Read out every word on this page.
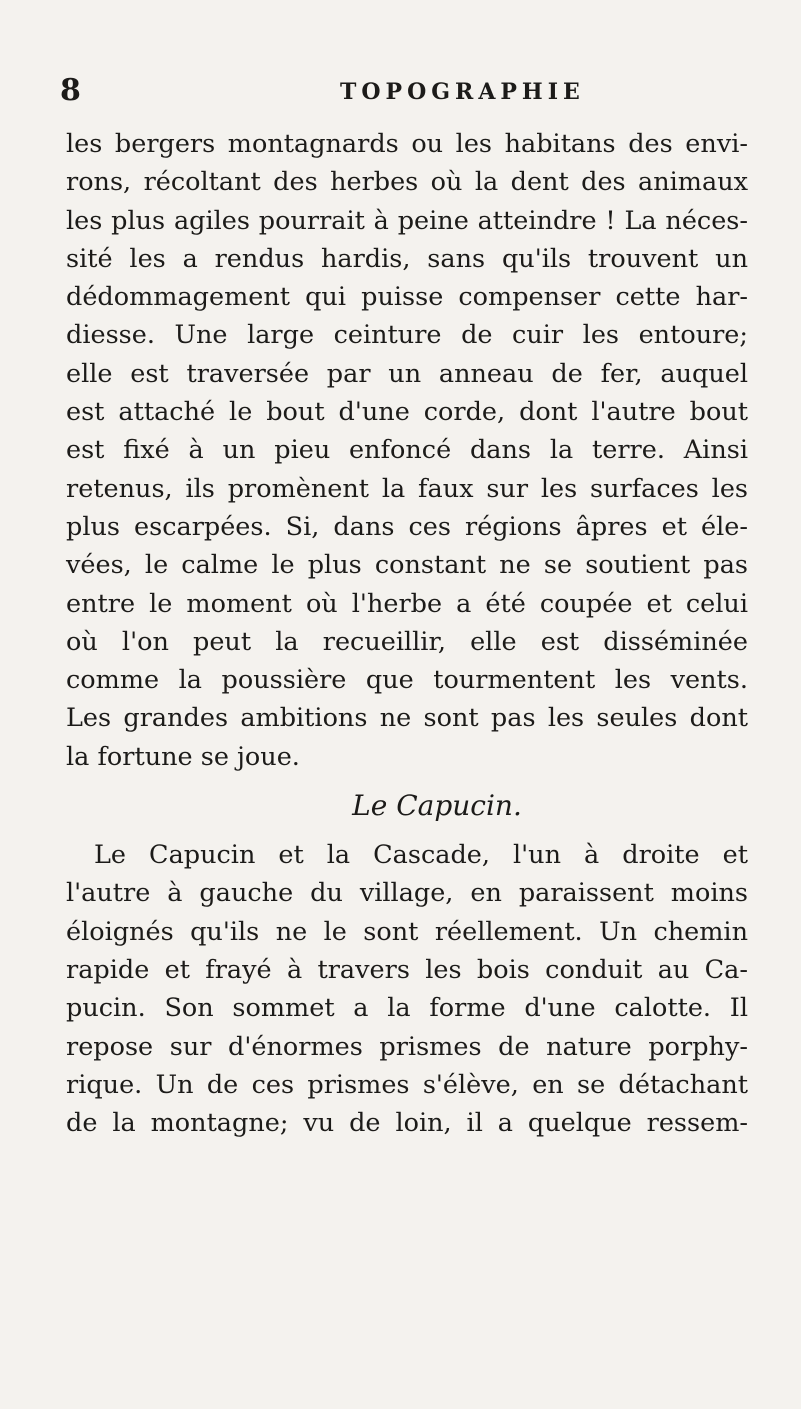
8	TOPOGRAPHIE
les bergers montagnards ou les habitans des envi-
rons, récoltant des herbes où la dent des animaux
les plus agiles pourrait à peine atteindre ! La néces-
sité les a rendus hardis, sans qu'ils trouvent un
dédommagement qui puisse compenser cette har-
diesse. Une large ceinture de cuir les entoure;
elle est traversée par un anneau de fer, auquel
est attaché le bout d'une corde, dont l'autre bout
est fixé à un pieu enfoncé dans la terre. Ainsi
retenus, ils promènent la faux sur les surfaces les
plus escarpées. Si, dans ces régions âpres et éle-
vées, le calme le plus constant ne se soutient pas
entre le moment où l'herbe a été coupée et celui
où l'on peut la recueillir, elle est disséminée
comme la poussière que tourmentent les vents.
Les grandes ambitions ne sont pas les seules dont
la fortune se joue.
Le Capucin.
Le Capucin et la Cascade, l'un à droite et
l'autre à gauche du village, en paraissent moins
éloignés qu'ils ne le sont réellement. Un chemin
rapide et frayé à travers les bois conduit au Ca-
pucin. Son sommet a la forme d'une calotte. Il
repose sur d'énormes prismes de nature porphy-
rique. Un de ces prismes s'élève, en se détachant
de la montagne; vu de loin, il a quelque ressem-
